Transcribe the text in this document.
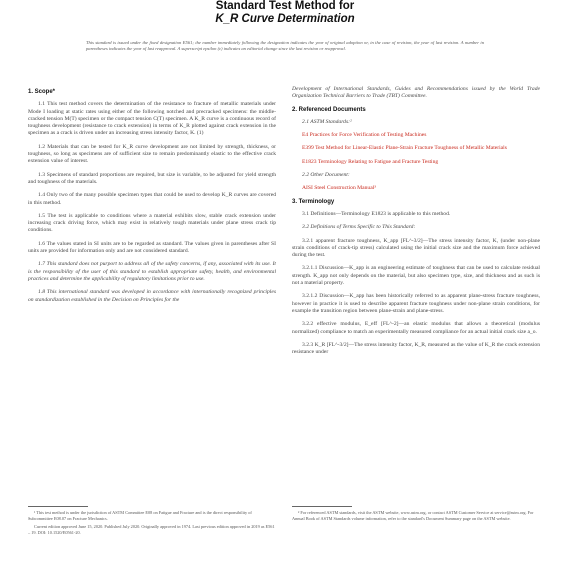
Standard Test Method for
K_R Curve Determination
This standard is issued under the fixed designation E561; the number immediately following the designation indicates the year of original adoption or, in the case of revision, the year of last revision. A number in parentheses indicates the year of last reapproval. A superscript epsilon (ε) indicates an editorial change since the last revision or reapproval.
1. Scope*

1.1 This test method covers the determination of the resistance to fracture of metallic materials under Mode I loading at static rates using either of the following notched and precracked specimens: the middle-cracked tension M(T) specimen or the compact tension C(T) specimen. A K_R curve is a continuous record of toughness development (resistance to crack extension) in terms of K_R plotted against crack extension in the specimen as a crack is driven under an increasing stress intensity factor, K. (1)

1.2 Materials that can be tested for K_R curve development are not limited by strength, thickness, or toughness, so long as specimens are of sufficient size to remain predominantly elastic to the effective crack extension value of interest.

1.3 Specimens of standard proportions are required, but size is variable, to be adjusted for yield strength and toughness of the materials.

1.4 Only two of the many possible specimen types that could be used to develop K_R curves are covered in this method.

1.5 The test is applicable to conditions where a material exhibits slow, stable crack extension under increasing crack driving force, which may exist in relatively tough materials under plane stress crack tip conditions.

1.6 The values stated in SI units are to be regarded as standard. The values given in parentheses after SI units are provided for information only and are not considered standard.

1.7 This standard does not purport to address all of the safety concerns, if any, associated with its use. It is the responsibility of the user of this standard to establish appropriate safety, health, and environmental practices and determine the applicability of regulatory limitations prior to use.

1.8 This international standard was developed in accordance with internationally recognized principles on standardization established in the Decision on Principles for the

Development of International Standards, Guides and Recommendations issued by the World Trade Organization Technical Barriers to Trade (TBT) Committee.

2. Referenced Documents

2.1 ASTM Standards:²

E4 Practices for Force Verification of Testing Machines

E399 Test Method for Linear-Elastic Plane-Strain Fracture Toughness of Metallic Materials

E1823 Terminology Relating to Fatigue and Fracture Testing

2.2 Other Document:

AISI Steel Construction Manual³

3. Terminology

3.1 Definitions—Terminology E1823 is applicable to this method.

3.2 Definitions of Terms Specific to This Standard:

3.2.1 apparent fracture toughness, K_app [FL^-3/2]—The stress intensity factor, K, (under non-plane strain conditions of crack-tip stress) calculated using the initial crack size and the maximum force achieved during the test.

3.2.1.1 Discussion—K_app is an engineering estimate of toughness that can be used to calculate residual strength. K_app not only depends on the material, but also specimen type, size, and thickness and as such is not a material property.

3.2.1.2 Discussion—K_app has been historically referred to as apparent plane-stress fracture toughness, however in practice it is used to describe apparent fracture toughness under non-plane strain conditions, for example the transition region between plane-strain and plane-stress.

3.2.2 effective modulus, E_eff [FL^-2]—an elastic modulus that allows a theoretical (modulus normalized) compliance to match an experimentally measured compliance for an actual initial crack size a_o.

3.2.3 K_R [FL^-3/2]—The stress intensity factor, K_R, measured as the value of K_R the crack extension resistance under

¹ This test method is under the jurisdiction of ASTM Committee E08 on Fatigue and Fracture and is the direct responsibility of Subcommittee E08.07 on Fracture Mechanics.

Current edition approved June 15, 2020. Published July 2020. Originally approved in 1974. Last previous edition approved in 2019 as E561 – 19. DOI: 10.1520/E0561-20.

² For referenced ASTM standards, visit the ASTM website, www.astm.org, or contact ASTM Customer Service at service@astm.org. For Annual Book of ASTM Standards volume information, refer to the standard's Document Summary page on the ASTM website.
